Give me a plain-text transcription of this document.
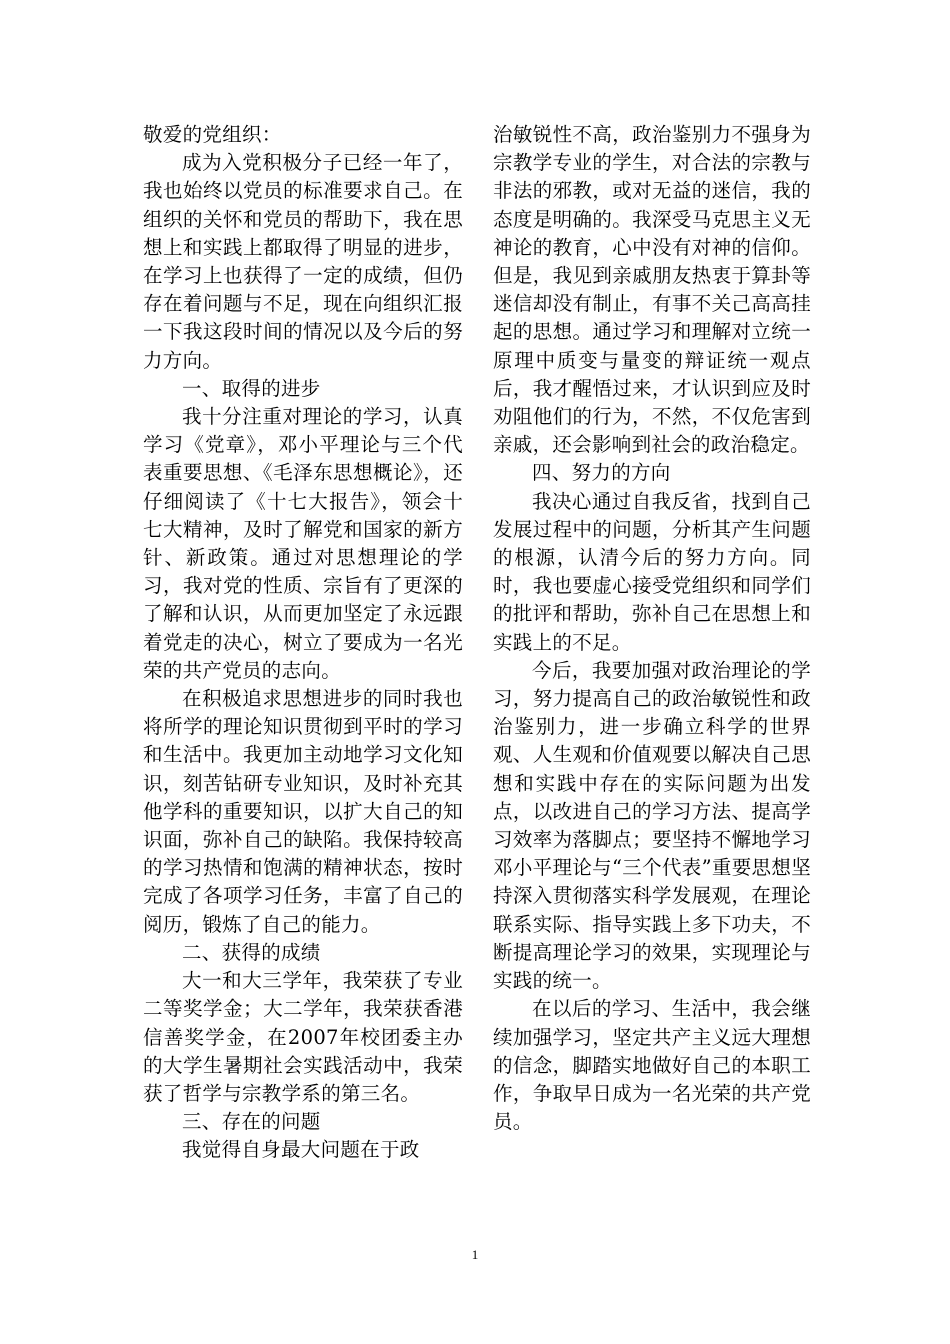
敬爱的党组织：

成为入党积极分子已经一年了，我也始终以党员的标准要求自己。在组织的关怀和党员的帮助下，我在思想上和实践上都取得了明显的进步，在学习上也获得了一定的成绩，但仍存在着问题与不足，现在向组织汇报一下我这段时间的情况以及今后的努力方向。

一、取得的进步

我十分注重对理论的学习，认真学习《党章》，邓小平理论与三个代表重要思想、《毛泽东思想概论》，还仔细阅读了《十七大报告》，领会十七大精神，及时了解党和国家的新方针、新政策。通过对思想理论的学习，我对党的性质、宗旨有了更深的了解和认识，从而更加坚定了永远跟着党走的决心，树立了要成为一名光荣的共产党员的志向。

在积极追求思想进步的同时我也将所学的理论知识贯彻到平时的学习和生活中。我更加主动地学习文化知识，刻苦钻研专业知识，及时补充其他学科的重要知识，以扩大自己的知识面，弥补自己的缺陷。我保持较高的学习热情和饱满的精神状态，按时完成了各项学习任务，丰富了自己的阅历，锻炼了自己的能力。

二、获得的成绩

大一和大三学年，我荣获了专业二等奖学金；大二学年，我荣获香港信善奖学金，在2007年校团委主办的大学生暑期社会实践活动中，我荣获了哲学与宗教学系的第三名。

三、存在的问题

我觉得自身最大问题在于政

治敏锐性不高，政治鉴别力不强身为宗教学专业的学生，对合法的宗教与非法的邪教，或对无益的迷信，我的态度是明确的。我深受马克思主义无神论的教育，心中没有对神的信仰。但是，我见到亲戚朋友热衷于算卦等迷信却没有制止，有事不关己高高挂起的思想。通过学习和理解对立统一原理中质变与量变的辩证统一观点后，我才醒悟过来，才认识到应及时劝阻他们的行为，不然，不仅危害到亲戚，还会影响到社会的政治稳定。

四、努力的方向

我决心通过自我反省，找到自己发展过程中的问题，分析其产生问题的根源，认清今后的努力方向。同时，我也要虚心接受党组织和同学们的批评和帮助，弥补自己在思想上和实践上的不足。

今后，我要加强对政治理论的学习，努力提高自己的政治敏锐性和政治鉴别力，进一步确立科学的世界观、人生观和价值观要以解决自己思想和实践中存在的实际问题为出发点，以改进自己的学习方法、提高学习效率为落脚点；要坚持不懈地学习邓小平理论与“三个代表”重要思想坚持深入贯彻落实科学发展观，在理论联系实际、指导实践上多下功夫，不断提高理论学习的效果，实现理论与实践的统一。

在以后的学习、生活中，我会继续加强学习，坚定共产主义远大理想的信念，脚踏实地做好自己的本职工作，争取早日成为一名光荣的共产党员。

1
